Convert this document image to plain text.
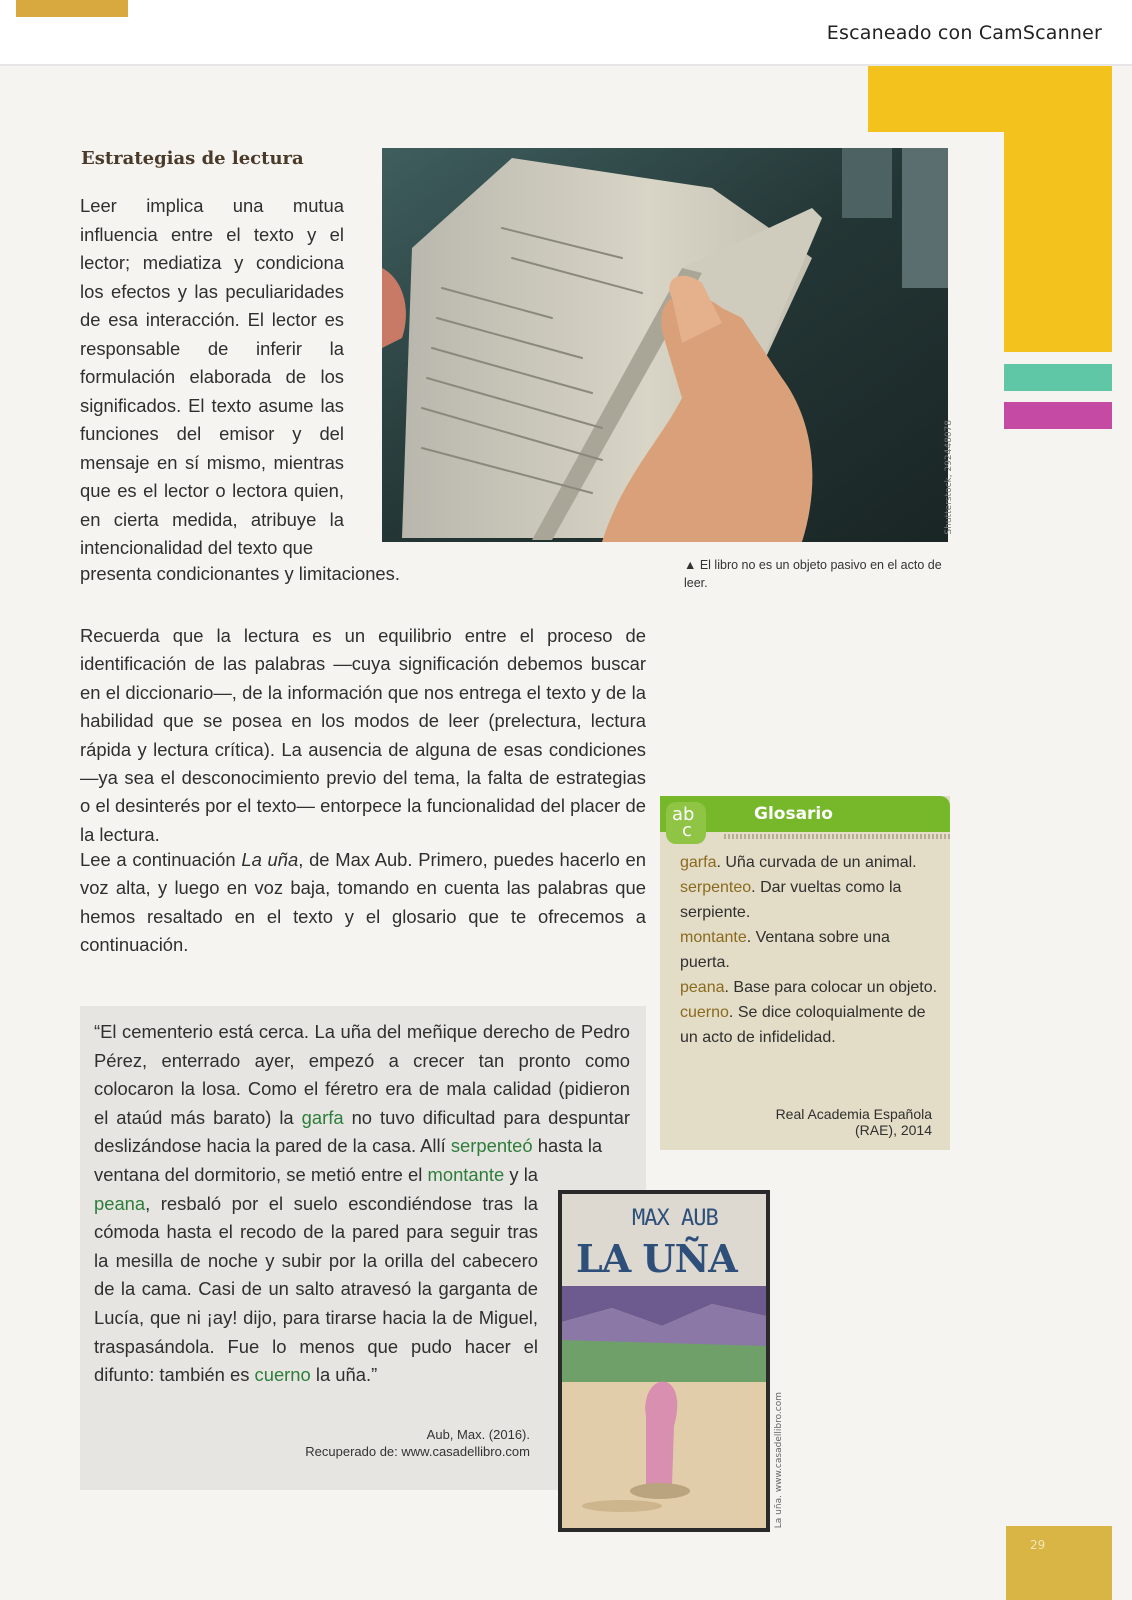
Escaneado con CamScanner
Estrategias de lectura
Leer implica una mutua influencia entre el texto y el lector; mediatiza y condiciona los efectos y las peculiaridades de esa interacción. El lector es responsable de inferir la formulación elaborada de los significados. El texto asume las funciones del emisor y del mensaje en sí mismo, mientras que es el lector o lectora quien, en cierta medida, atribuye la intencionalidad del texto que
presenta condicionantes y limitaciones.
Shutterstock, 292448078
▲ El libro no es un objeto pasivo en el acto de leer.
Recuerda que la lectura es un equilibrio entre el proceso de identificación de las palabras —cuya significación debemos buscar en el diccionario—, de la información que nos entrega el texto y de la habilidad que se posea en los modos de leer (prelectura, lectura rápida y lectura crítica). La ausencia de alguna de esas condiciones —ya sea el desconocimiento previo del tema, la falta de estrategias o el desinterés por el texto— entorpece la funcionalidad del placer de la lectura.
Lee a continuación La uña, de Max Aub. Primero, puedes hacerlo en voz alta, y luego en voz baja, tomando en cuenta las palabras que hemos resaltado en el texto y el glosario que te ofrecemos a continuación.
ab
c
Glosario

garfa. Uña curvada de un animal.

serpenteo. Dar vueltas como la serpiente.

montante. Ventana sobre una puerta.

peana. Base para colocar un objeto.

cuerno. Se dice coloquialmente de un acto de infidelidad.

Real Academia Española
(RAE), 2014
“El cementerio está cerca. La uña del meñique derecho de Pedro Pérez, enterrado ayer, empezó a crecer tan pronto como colocaron la losa. Como el féretro era de mala calidad (pidieron el ataúd más barato) la garfa no tuvo dificultad para despuntar deslizándose hacia la pared de la casa. Allí serpenteó hasta la
ventana del dormitorio, se metió entre el montante y la peana, resbaló por el suelo escondiéndose tras la cómoda hasta el recodo de la pared para seguir tras la mesilla de noche y subir por la orilla del cabecero de la cama. Casi de un salto atravesó la garganta de Lucía, que ni ¡ay! dijo, para tirarse hacia la de Miguel, traspasándola. Fue lo menos que pudo hacer el difunto: también es cuerno la uña.”
Aub, Max. (2016).
Recuperado de: www.casadellibro.com
MAX AUB
LA UÑA
La uña. www.casadellibro.com
29
